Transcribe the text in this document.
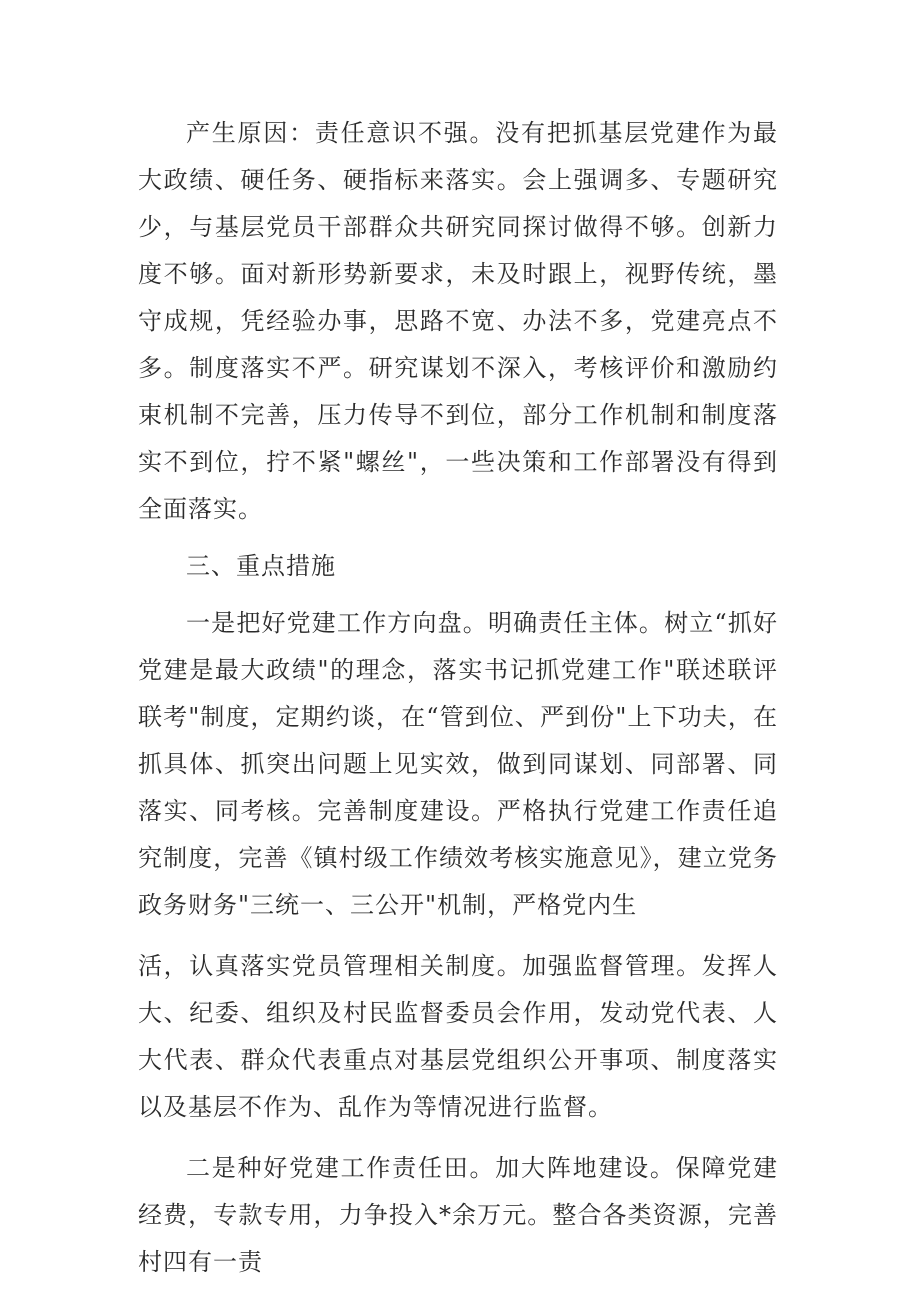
产生原因：责任意识不强。没有把抓基层党建作为最大政绩、硬任务、硬指标来落实。会上强调多、专题研究少，与基层党员干部群众共研究同探讨做得不够。创新力度不够。面对新形势新要求，未及时跟上，视野传统，墨守成规，凭经验办事，思路不宽、办法不多，党建亮点不多。制度落实不严。研究谋划不深入，考核评价和激励约束机制不完善，压力传导不到位，部分工作机制和制度落实不到位，拧不紧"螺丝"，一些决策和工作部署没有得到全面落实。

三、重点措施

一是把好党建工作方向盘。明确责任主体。树立“抓好党建是最大政绩"的理念，落实书记抓党建工作"联述联评联考"制度，定期约谈，在“管到位、严到份"上下功夫，在抓具体、抓突出问题上见实效，做到同谋划、同部署、同落实、同考核。完善制度建设。严格执行党建工作责任追究制度，完善《镇村级工作绩效考核实施意见》，建立党务政务财务"三统一、三公开"机制，严格党内生

活，认真落实党员管理相关制度。加强监督管理。发挥人大、纪委、组织及村民监督委员会作用，发动党代表、人大代表、群众代表重点对基层党组织公开事项、制度落实以及基层不作为、乱作为等情况进行监督。

二是种好党建工作责任田。加大阵地建设。保障党建经费，专款专用，力争投入*余万元。整合各类资源，完善村四有一责
